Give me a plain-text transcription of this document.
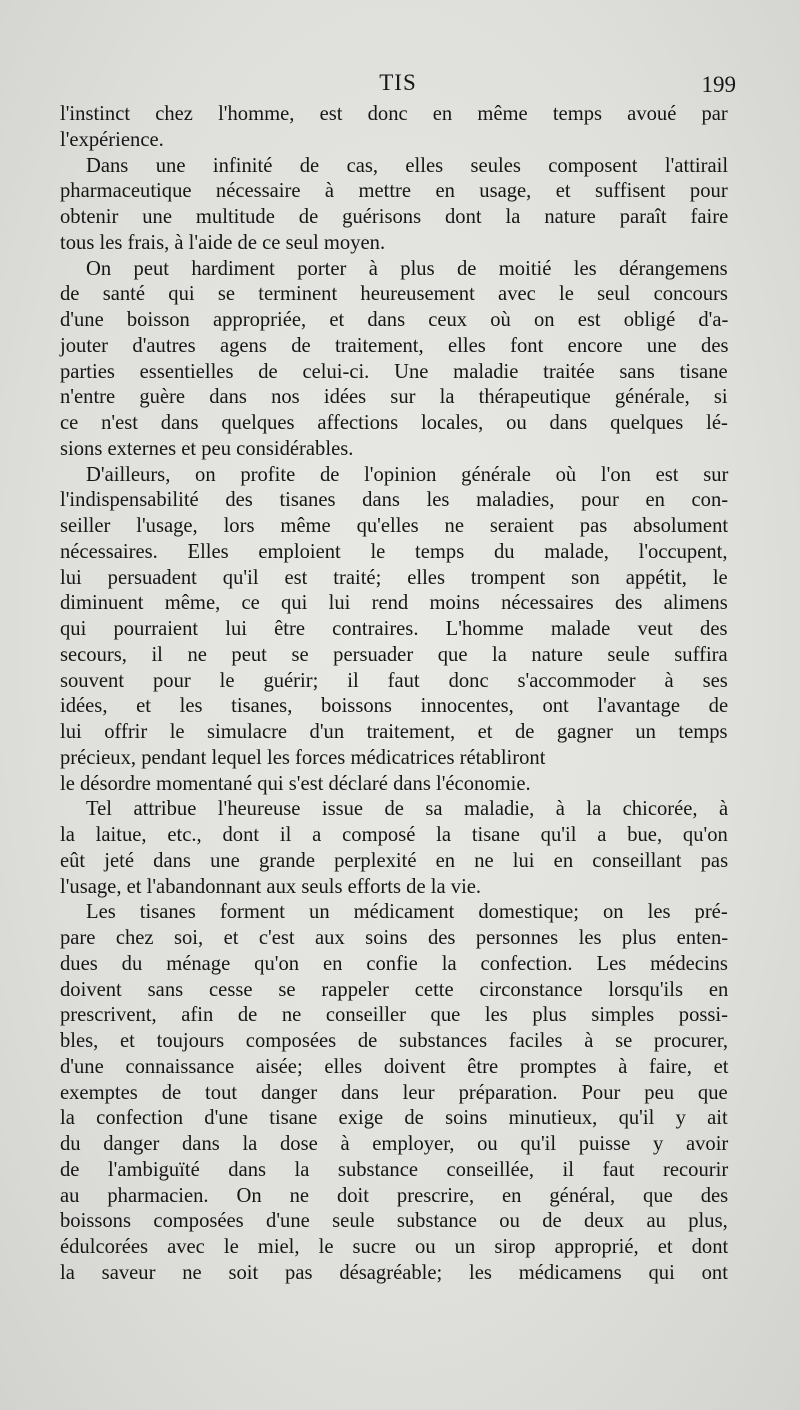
TIS	199
l'instinct chez l'homme, est donc en même temps avoué par
l'expérience.
Dans une infinité de cas, elles seules composent l'attirail
pharmaceutique nécessaire à mettre en usage, et suffisent pour
obtenir une multitude de guérisons dont la nature paraît faire
tous les frais, à l'aide de ce seul moyen.
On peut hardiment porter à plus de moitié les dérangemens
de santé qui se terminent heureusement avec le seul concours
d'une boisson appropriée, et dans ceux où on est obligé d'a-
jouter d'autres agens de traitement, elles font encore une des
parties essentielles de celui-ci. Une maladie traitée sans tisane
n'entre guère dans nos idées sur la thérapeutique générale, si
ce n'est dans quelques affections locales, ou dans quelques lé-
sions externes et peu considérables.
D'ailleurs, on profite de l'opinion générale où l'on est sur
l'indispensabilité des tisanes dans les maladies, pour en con-
seiller l'usage, lors même qu'elles ne seraient pas absolument
nécessaires. Elles emploient le temps du malade, l'occupent,
lui persuadent qu'il est traité; elles trompent son appétit, le
diminuent même, ce qui lui rend moins nécessaires des alimens
qui pourraient lui être contraires. L'homme malade veut des
secours, il ne peut se persuader que la nature seule suffira
souvent pour le guérir; il faut donc s'accommoder à ses
idées, et les tisanes, boissons innocentes, ont l'avantage de
lui offrir le simulacre d'un traitement, et de gagner un temps
précieux, pendant lequel les forces médicatrices rétabliront
le désordre momentané qui s'est déclaré dans l'économie.
Tel attribue l'heureuse issue de sa maladie, à la chicorée, à
la laitue, etc., dont il a composé la tisane qu'il a bue, qu'on
eût jeté dans une grande perplexité en ne lui en conseillant pas
l'usage, et l'abandonnant aux seuls efforts de la vie.
Les tisanes forment un médicament domestique; on les pré-
pare chez soi, et c'est aux soins des personnes les plus enten-
dues du ménage qu'on en confie la confection. Les médecins
doivent sans cesse se rappeler cette circonstance lorsqu'ils en
prescrivent, afin de ne conseiller que les plus simples possi-
bles, et toujours composées de substances faciles à se procurer,
d'une connaissance aisée; elles doivent être promptes à faire, et
exemptes de tout danger dans leur préparation. Pour peu que
la confection d'une tisane exige de soins minutieux, qu'il y ait
du danger dans la dose à employer, ou qu'il puisse y avoir
de l'ambiguïté dans la substance conseillée, il faut recourir
au pharmacien. On ne doit prescrire, en général, que des
boissons composées d'une seule substance ou de deux au plus,
édulcorées avec le miel, le sucre ou un sirop approprié, et dont
la saveur ne soit pas désagréable; les médicamens qui ont
